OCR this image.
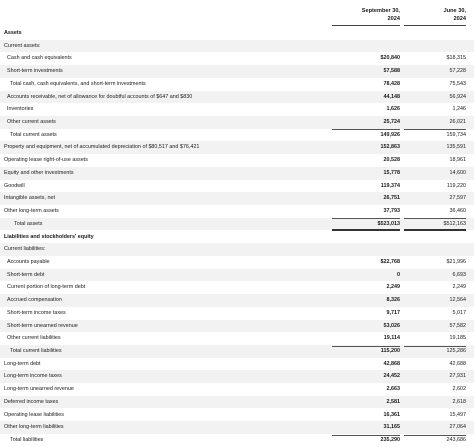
September 30,
2024
June 30,
2024
Assets
Current assets:
Cash and cash equivalents	$20,840	$18,315
Short-term investments	57,588	57,228
Total cash, cash equivalents, and short-term investments	78,428	75,543
Accounts receivable, net of allowance for doubtful accounts of $647 and $830	44,148	56,924
Inventories	1,626	1,246
Other current assets	25,724	26,021
Total current assets	149,926	159,734
Property and equipment, net of accumulated depreciation of $80,517 and $76,421	152,863	135,591
Operating lease right-of-use assets	20,528	18,961
Equity and other investments	15,778	14,600
Goodwill	119,374	119,220
Intangible assets, net	26,751	27,597
Other long-term assets	37,793	36,460
Total assets	$523,013	$512,163
Liabilities and stockholders' equity
Current liabilities:
Accounts payable	$22,768	$21,996
Short-term debt	0	6,693
Current portion of long-term debt	2,249	2,249
Accrued compensation	8,326	12,564
Short-term income taxes	9,717	5,017
Short-term unearned revenue	53,026	57,582
Other current liabilities	19,114	19,185
Total current liabilities	115,200	125,286
Long-term debt	42,868	42,688
Long-term income taxes	24,452	27,931
Long-term unearned revenue	2,663	2,602
Deferred income taxes	2,581	2,618
Operating lease liabilities	16,361	15,497
Other long-term liabilities	31,165	27,064
Total liabilities	235,290	243,686
